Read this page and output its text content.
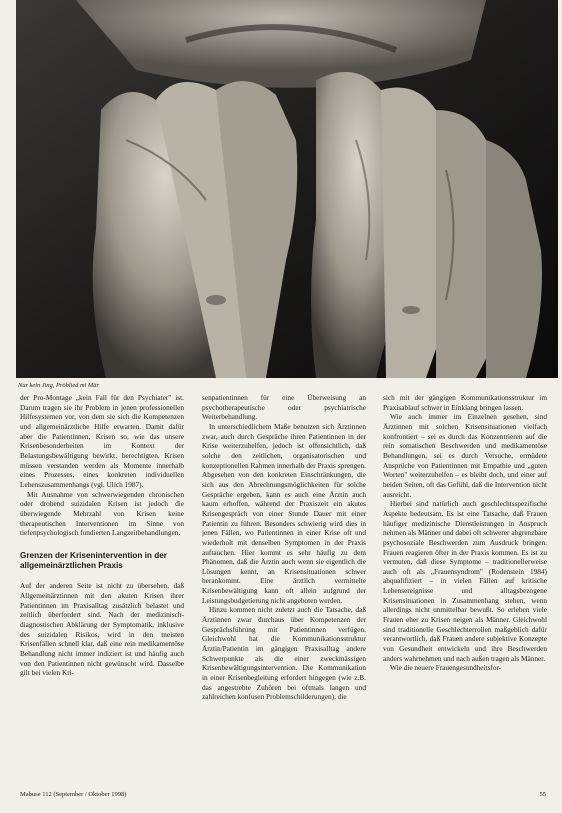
Nur kein Jing, Pröblied mi Mär

der Pro-Montage „kein Fall für den Psychiater" ist. Darum tragen sie ihr Problem in jenen professionellen Hilfesystemen vor, von dem sie sich die Kompetenzen und allgemeinärztliche Hilfe erwarten. Damit dafür aber die Patientinnen, Krisen so, wie das unsere Krisenbesonderheiten im Kontext der Belastungsbewältigung bewirkt, berechtigten. Krisen müssen verstanden werden als Momente innerhalb eines Prozesses, eines konkreten individuellen Lebenszusammenhangs (vgl. Ulich 1987).

Mit Ausnahme von schwerwiegenden chronischen oder drohend suizidalen Krisen ist jedoch die überwiegende Mehrzahl von Krisen keine therapeutischen Interventionen im Sinne von tiefenpsychologisch fundierten Langzeitbehandlungen.

Grenzen der Krisenintervention in der allgemeinärztlichen Praxis

Auf der anderen Seite ist nicht zu übersehen, daß Allgemeinärztinnen mit den akuten Krisen ihrer Patientinnen im Praxisalltag zusätzlich belastet und zeitlich überfordert sind. Nach der medizinisch-diagnostischen Abklärung der Symptomatik, inklusive des suizidalen Risikos, wird in den meisten Krisenfällen schnell klar, daß eine rein medikamentöse Behandlung nicht immer indiziert ist und häufig auch von den Patientinnen nicht gewünscht wird. Dasselbe gilt bei vielen Kri-

senpatientinnen für eine Überweisung an psychotherapeutische oder psychiatrische Weiterbehandlung.

In unterschiedlichem Maße benutzen sich Ärztinnen zwar, auch durch Gespräche ihren Patientinnen in der Krise weiterzuhelfen, jedoch ist offensichtlich, daß solche den zeitlichen, organisatorischen und konzeptionellen Rahmen innerhalb der Praxis sprengen. Abgesehen von den konkreten Einschränkungen, die sich aus den Abrechnungsmöglichkeiten für solche Gespräche ergeben, kann es auch eine Ärztin auch kaum erhoffen, während der Praxiszeit ein akutes Krisengespräch von einer Stunde Dauer mit einer Patientin zu führen. Besonders schwierig wird dies in jenen Fällen, wo Patientinnen in einer Krise oft und wiederholt mit denselben Symptomen in der Praxis auftauchen. Hier kommt es sehr häufig zu dem Phänomen, daß die Ärztin auch wenn sie eigentlich die Lösungen kennt, an Krisensituationen schwer herankommt. Eine ärztlich vermittelte Krisenbewältigung kann oft allein aufgrund der Leistungsbudgetierung nicht angeboten werden.

Hinzu kommen nicht zuletzt auch die Tatsache, daß Ärztinnen zwar durchaus über Kompetenzen der Gesprächsführung mit Patientinnen verfügen. Gleichwohl hat die Kommunikationsstruktur Ärztin/Patientin im gängigen Praxisalltag andere Schwerpunkte als die einer zweckmässigen Krisenbewältigungsintervention. Die Kommunikation in einer Krisenbegleitung erfordert hingegen (wie z.B. das angestrebte Zuhören bei oftmals langen und zahlreichen konfusen Problemschilderungen), die

sich mit der gängigen Kommunikationsstruktur im Praxisablauf schwer in Einklang bringen lassen.

Wie auch immer im Einzelnen gesehen, sind Ärztinnen mit solchen Krisensituationen vielfach konfrontiert – sei es durch das Konzentrieren auf die rein somatischen Beschwerden und medikamentöse Behandlungen, sei es durch Versuche, ermüdete Ansprüche von Patientinnen mit Empathie und „guten Worten" weiterzuhelfen – es bleibt doch, und einer auf beiden Seiten, oft das Gefühl, daß die Intervention nicht ausreicht.

Hierbei sind natürlich auch geschlechtsspezifische Aspekte bedeutsam. Es ist eine Tatsache, daß Frauen häufiger medizinische Dienstleistungen in Anspruch nehmen als Männer und dabei oft schwerer abgrenzbare psychosoziale Beschwerden zum Ausdruck bringen. Frauen reagieren öfter in der Praxis kommen. Es ist zu vermuten, daß diese Symptome – traditionellerweise auch oft als „Frauensyndrom" (Rodenstein 1984) abqualifiziert – in vielen Fällen auf kritische Lebensereignisse und alltagsbezogene Krisensituationen in Zusammenhang stehen, wenn allerdings nicht unmittelbar bewußt. So erleben viele Frauen eher zu Krisen neigen als Männer. Gleichwohl sind traditionelle Geschlechterrollen maßgeblich dafür verantwortlich, daß Frauen andere subjektive Konzepte von Gesundheit entwickeln und ihre Beschwerden anders wahrnehmen und nach außen tragen als Männer.

Wie die neuere Frauengesundheitsfor-

Mabuse 112 (September / Oktober 1998)	55
